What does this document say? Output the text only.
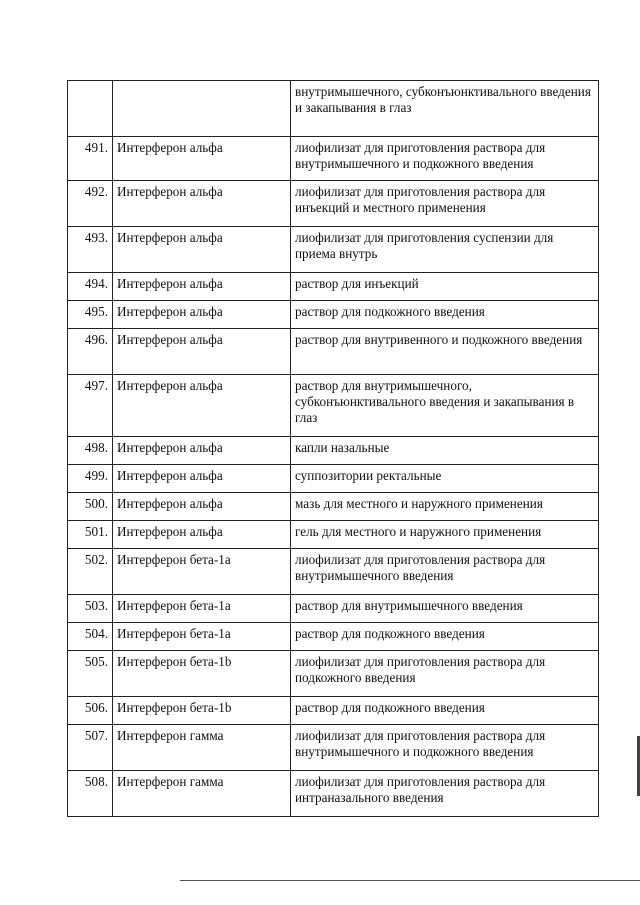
		внутримышечного, субконъюнктивального введения и закапывания в глаз
491.	Интерферон альфа	лиофилизат для приготовления раствора для внутримышечного и подкожного введения
492.	Интерферон альфа	лиофилизат для приготовления раствора для инъекций и местного применения
493.	Интерферон альфа	лиофилизат для приготовления суспензии для приема внутрь
494.	Интерферон альфа	раствор для инъекций
495.	Интерферон альфа	раствор для подкожного введения
496.	Интерферон альфа	раствор для внутривенного и подкожного введения
497.	Интерферон альфа	раствор для внутримышечного, субконъюнктивального введения и закапывания в глаз
498.	Интерферон альфа	капли назальные
499.	Интерферон альфа	суппозитории ректальные
500.	Интерферон альфа	мазь для местного и наружного применения
501.	Интерферон альфа	гель для местного и наружного применения
502.	Интерферон бета-1a	лиофилизат для приготовления раствора для внутримышечного введения
503.	Интерферон бета-1a	раствор для внутримышечного введения
504.	Интерферон бета-1a	раствор для подкожного введения
505.	Интерферон бета-1b	лиофилизат для приготовления раствора для подкожного введения
506.	Интерферон бета-1b	раствор для подкожного введения
507.	Интерферон гамма	лиофилизат для приготовления раствора для внутримышечного и подкожного введения
508.	Интерферон гамма	лиофилизат для приготовления раствора для интраназального введения
